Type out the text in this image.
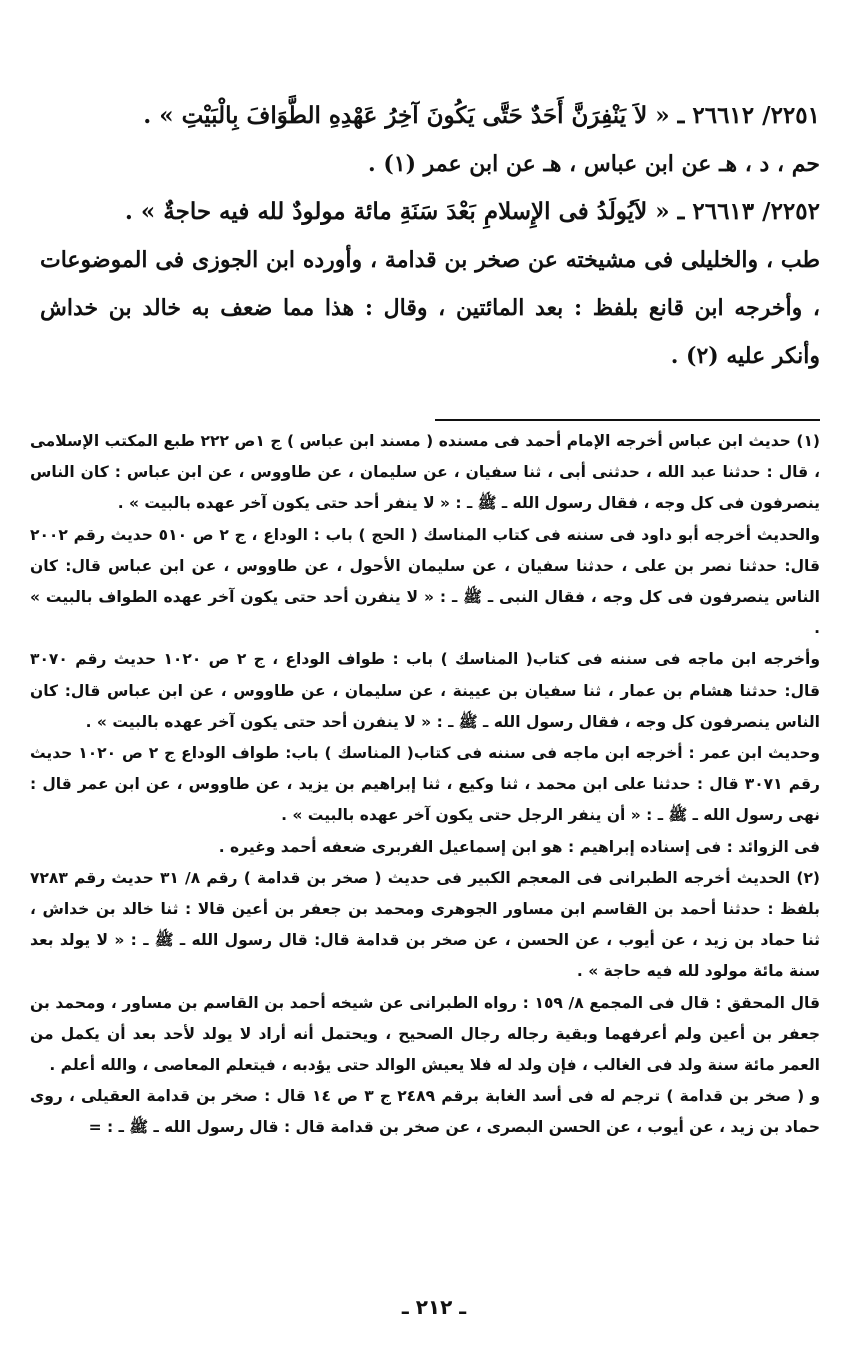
٢٢٥١/ ٢٦٦١٢ ـ « لاَ يَنْفِرَنَّ أَحَدٌ حَتَّى يَكُونَ آخِرُ عَهْدِهِ الطَّوَافَ بِالْبَيْتِ » .

حم ، د ، هـ عن ابن عباس ، هـ عن ابن عمر (١) .

٢٢٥٢/ ٢٦٦١٣ ـ « لاَيُولَدُ فى الإِسلامِ بَعْدَ سَنَةِ مائة مولودٌ لله فيه حاجةٌ » .

طب ، والخليلى فى مشيخته عن صخر بن قدامة ، وأورده ابن الجوزى فى الموضوعات ، وأخرجه ابن قانع بلفظ : بعد المائتين ، وقال : هذا مما ضعف به خالد بن خداش وأنكر عليه (٢) .

(١) حديث ابن عباس أخرجه الإمام أحمد فى مسنده ( مسند ابن عباس ) ج ١ص ٢٢٢ طبع المكتب الإسلامى ، قال : حدثنا عبد الله ، حدثنى أبى ، ثنا سفيان ، عن سليمان ، عن طاووس ، عن ابن عباس : كان الناس ينصرفون فى كل وجه ، فقال رسول الله ـ ﷺ ـ : « لا ينفر أحد حتى يكون آخر عهده بالبيت » .

والحديث أخرجه أبو داود فى سننه فى كتاب المناسك ( الحج ) باب : الوداع ، ج ٢ ص ٥١٠ حديث رقم ٢٠٠٢ قال: حدثنا نصر بن على ، حدثنا سفيان ، عن سليمان الأحول ، عن طاووس ، عن ابن عباس قال: كان الناس ينصرفون فى كل وجه ، فقال النبى ـ ﷺ ـ : « لا ينفرن أحد حتى يكون آخر عهده الطواف بالبيت » .

وأخرجه ابن ماجه فى سننه فى كتاب( المناسك ) باب : طواف الوداع ، ج ٢ ص ١٠٢٠ حديث رقم ٣٠٧٠ قال: حدثنا هشام بن عمار ، ثنا سفيان بن عيينة ، عن سليمان ، عن طاووس ، عن ابن عباس قال: كان الناس ينصرفون كل وجه ، فقال رسول الله ـ ﷺ ـ : « لا ينفرن أحد حتى يكون آخر عهده بالبيت » .

وحديث ابن عمر : أخرجه ابن ماجه فى سننه فى كتاب( المناسك ) باب: طواف الوداع ج ٢ ص ١٠٢٠ حديث رقم ٣٠٧١ قال : حدثنا على ابن محمد ، ثنا وكيع ، ثنا إبراهيم بن يزيد ، عن طاووس ، عن ابن عمر قال : نهى رسول الله ـ ﷺ ـ : « أن ينفر الرجل حتى يكون آخر عهده بالبيت » .

فى الزوائد : فى إسناده إبراهيم : هو ابن إسماعيل الفربرى ضعفه أحمد وغيره .

(٢) الحديث أخرجه الطبرانى فى المعجم الكبير فى حديث ( صخر بن قدامة ) رقم ٨/ ٣١ حديث رقم ٧٢٨٣ بلفظ : حدثنا أحمد بن القاسم ابن مساور الجوهرى ومحمد بن جعفر بن أعين قالا : ثنا خالد بن خداش ، ثنا حماد بن زيد ، عن أيوب ، عن الحسن ، عن صخر بن قدامة قال: قال رسول الله ـ ﷺ ـ : « لا يولد بعد سنة مائة مولود لله فيه حاجة » .

قال المحقق : قال فى المجمع ٨/ ١٥٩ : رواه الطبرانى عن شيخه أحمد بن القاسم بن مساور ، ومحمد بن جعفر بن أعين ولم أعرفهما وبقية رجاله رجال الصحيح ، ويحتمل أنه أراد لا يولد لأحد بعد أن يكمل من العمر مائة سنة ولد فى الغالب ، فإن ولد له فلا يعيش الوالد حتى يؤدبه ، فيتعلم المعاصى ، والله أعلم .

و ( صخر بن قدامة ) ترجم له فى أسد الغابة برقم ٢٤٨٩ ج ٣ ص ١٤ قال : صخر بن قدامة العقيلى ، روى حماد بن زيد ، عن أيوب ، عن الحسن البصرى ، عن صخر بن قدامة قال : قال رسول الله ـ ﷺ ـ : =

ـ ٢١٢ ـ
